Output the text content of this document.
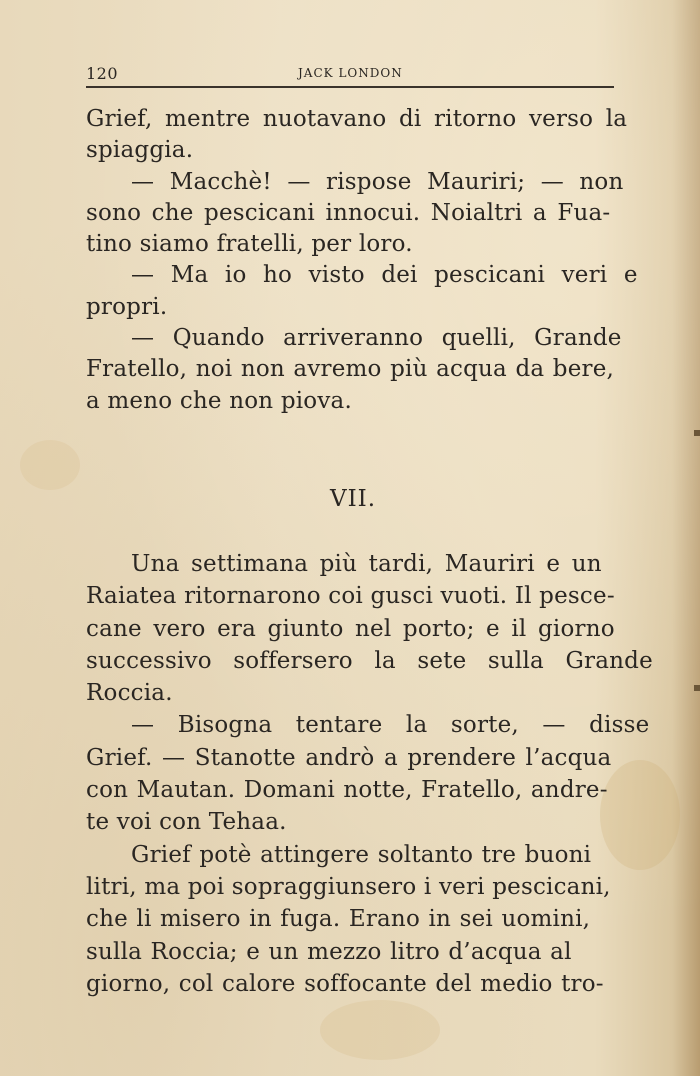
120	JACK LONDON
Grief, mentre nuotavano di ritorno verso la
spiaggia.
— Macchè! — rispose Mauriri; — non
sono che pescicani innocui. Noialtri a Fua-
tino siamo fratelli, per loro.
— Ma io ho visto dei pescicani veri e
propri.
— Quando arriveranno quelli, Grande
Fratello, noi non avremo più acqua da bere,
a meno che non piova.
VII.
Una settimana più tardi, Mauriri e un
Raiatea ritornarono coi gusci vuoti. Il pesce-
cane vero era giunto nel porto; e il giorno
successivo soffersero la sete sulla Grande
Roccia.
— Bisogna tentare la sorte, — disse
Grief. — Stanotte andrò a prendere l’acqua
con Mautan. Domani notte, Fratello, andre-
te voi con Tehaa.
Grief potè attingere soltanto tre buoni
litri, ma poi sopraggiunsero i veri pescicani,
che li misero in fuga. Erano in sei uomini,
sulla Roccia; e un mezzo litro d’acqua al
giorno, col calore soffocante del medio tro-
